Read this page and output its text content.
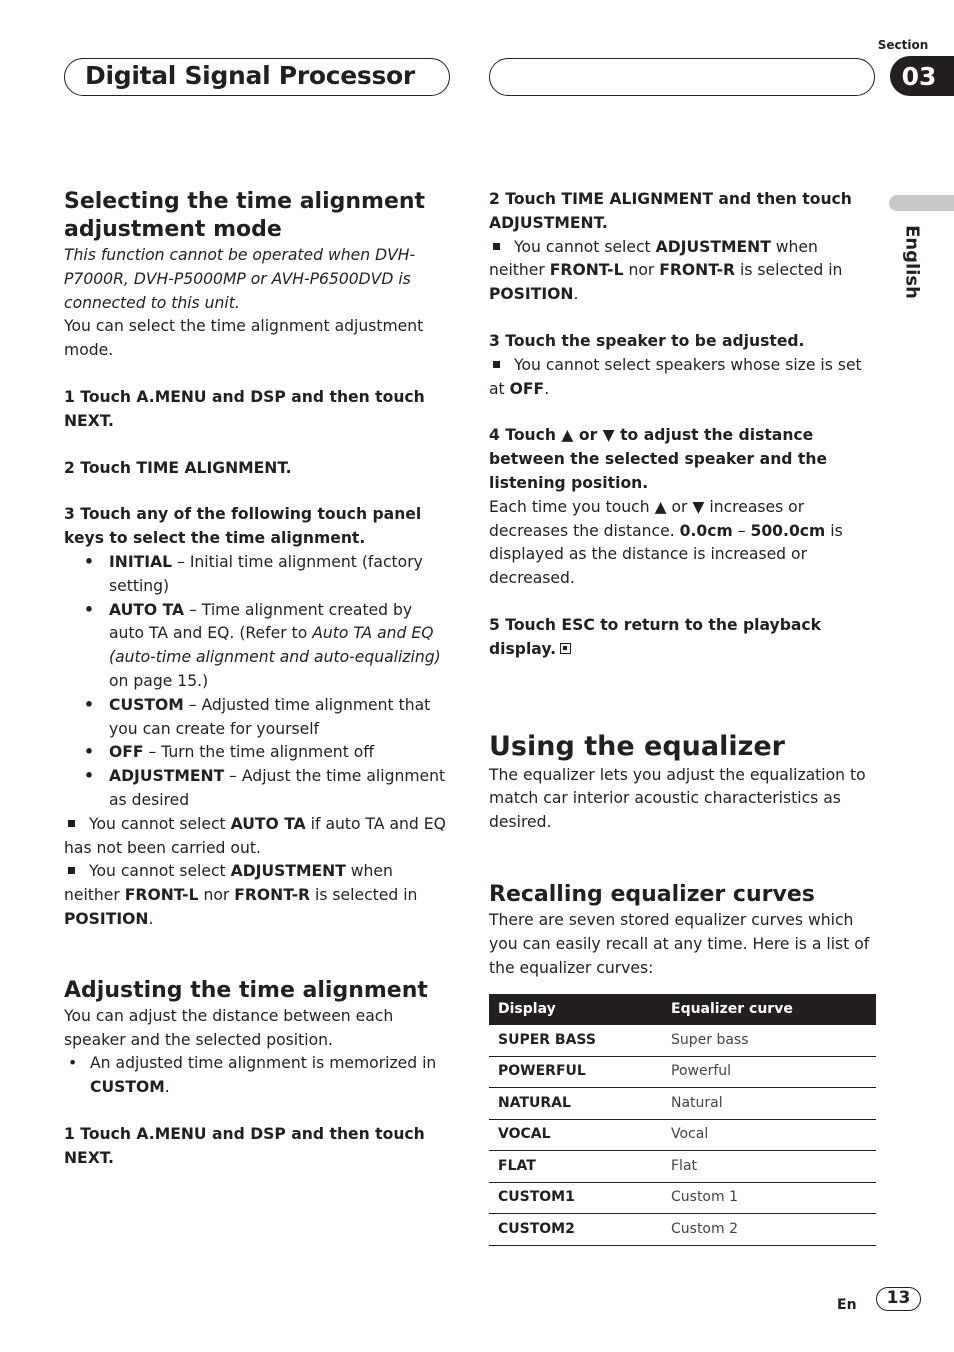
Digital Signal Processor
Section
03
English

Selecting the time alignment adjustment mode

This function cannot be operated when DVH-P7000R, DVH-P5000MP or AVH-P6500DVD is connected to this unit.

You can select the time alignment adjustment mode.

1 Touch A.MENU and DSP and then touch NEXT.

2 Touch TIME ALIGNMENT.

3 Touch any of the following touch panel keys to select the time alignment.

• INITIAL – Initial time alignment (factory setting)

• AUTO TA – Time alignment created by auto TA and EQ. (Refer to Auto TA and EQ (auto-time alignment and auto-equalizing) on page 15.)

• CUSTOM – Adjusted time alignment that you can create for yourself

• OFF – Turn the time alignment off

• ADJUSTMENT – Adjust the time alignment as desired

You cannot select AUTO TA if auto TA and EQ has not been carried out.

You cannot select ADJUSTMENT when neither FRONT-L nor FRONT-R is selected in POSITION.

Adjusting the time alignment

You can adjust the distance between each speaker and the selected position.

• An adjusted time alignment is memorized in CUSTOM.

1 Touch A.MENU and DSP and then touch NEXT.

2 Touch TIME ALIGNMENT and then touch ADJUSTMENT.

You cannot select ADJUSTMENT when neither FRONT-L nor FRONT-R is selected in POSITION.

3 Touch the speaker to be adjusted.

You cannot select speakers whose size is set at OFF.

4 Touch ▲ or ▼ to adjust the distance between the selected speaker and the listening position.

Each time you touch ▲ or ▼ increases or decreases the distance. 0.0cm – 500.0cm is displayed as the distance is increased or decreased.

5 Touch ESC to return to the playback display.

Using the equalizer

The equalizer lets you adjust the equalization to match car interior acoustic characteristics as desired.

Recalling equalizer curves

There are seven stored equalizer curves which you can easily recall at any time. Here is a list of the equalizer curves:

Display	Equalizer curve
SUPER BASS	Super bass
POWERFUL	Powerful
NATURAL	Natural
VOCAL	Vocal
FLAT	Flat
CUSTOM1	Custom 1
CUSTOM2	Custom 2
En	13
